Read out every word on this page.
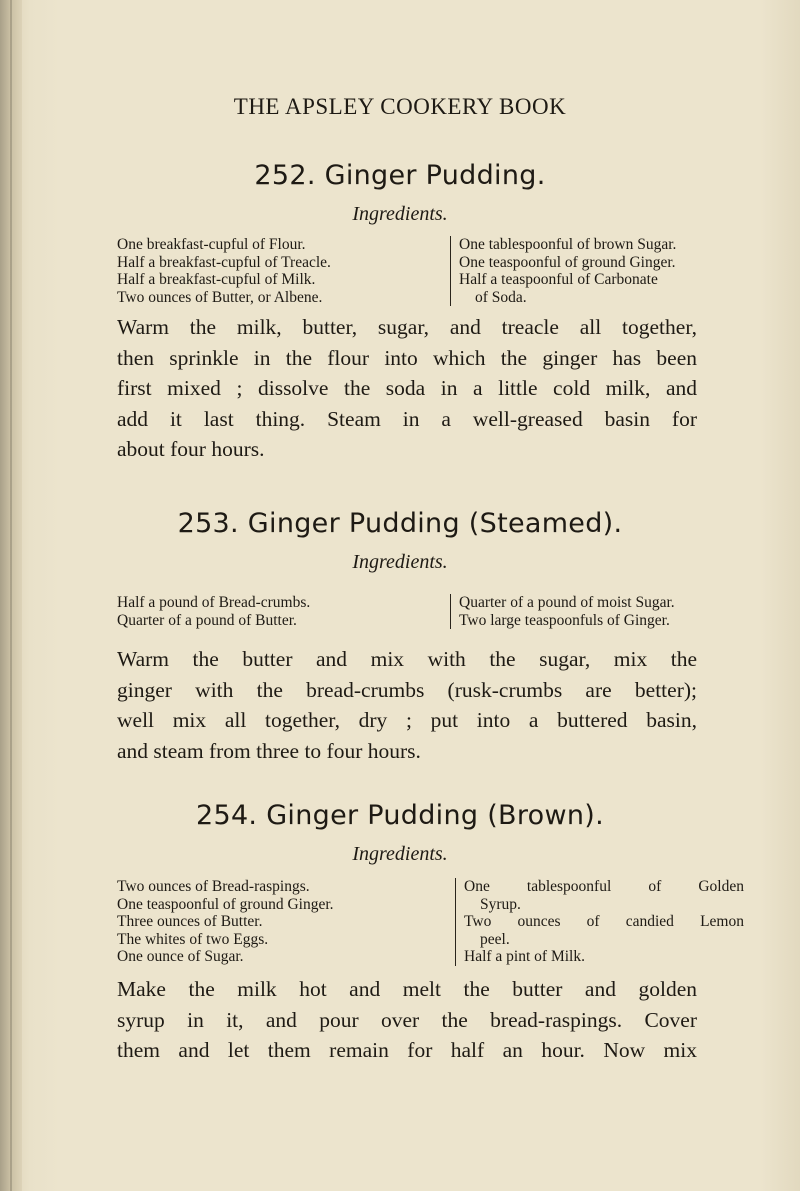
THE APSLEY COOKERY BOOK
252. Ginger Pudding.
Ingredients.
One breakfast-cupful of Flour.
Half a breakfast-cupful of Treacle.
Half a breakfast-cupful of Milk.
Two ounces of Butter, or Albene.
One tablespoonful of brown Sugar.
One teaspoonful of ground Ginger.
Half a teaspoonful of Carbonate
of Soda.
Warm the milk, butter, sugar, and treacle all together,
then sprinkle in the flour into which the ginger has been
first mixed ; dissolve the soda in a little cold milk, and
add it last thing. Steam in a well-greased basin for
about four hours.
253. Ginger Pudding (Steamed).
Ingredients.
Half a pound of Bread-crumbs.
Quarter of a pound of Butter.
Quarter of a pound of moist Sugar.
Two large teaspoonfuls of Ginger.
Warm the butter and mix with the sugar, mix the
ginger with the bread-crumbs (rusk-crumbs are better);
well mix all together, dry ; put into a buttered basin,
and steam from three to four hours.
254. Ginger Pudding (Brown).
Ingredients.
Two ounces of Bread-raspings.
One teaspoonful of ground Ginger.
Three ounces of Butter.
The whites of two Eggs.
One ounce of Sugar.
One tablespoonful of Golden
Syrup.
Two ounces of candied Lemon
peel.
Half a pint of Milk.
Make the milk hot and melt the butter and golden
syrup in it, and pour over the bread-raspings. Cover
them and let them remain for half an hour. Now mix
